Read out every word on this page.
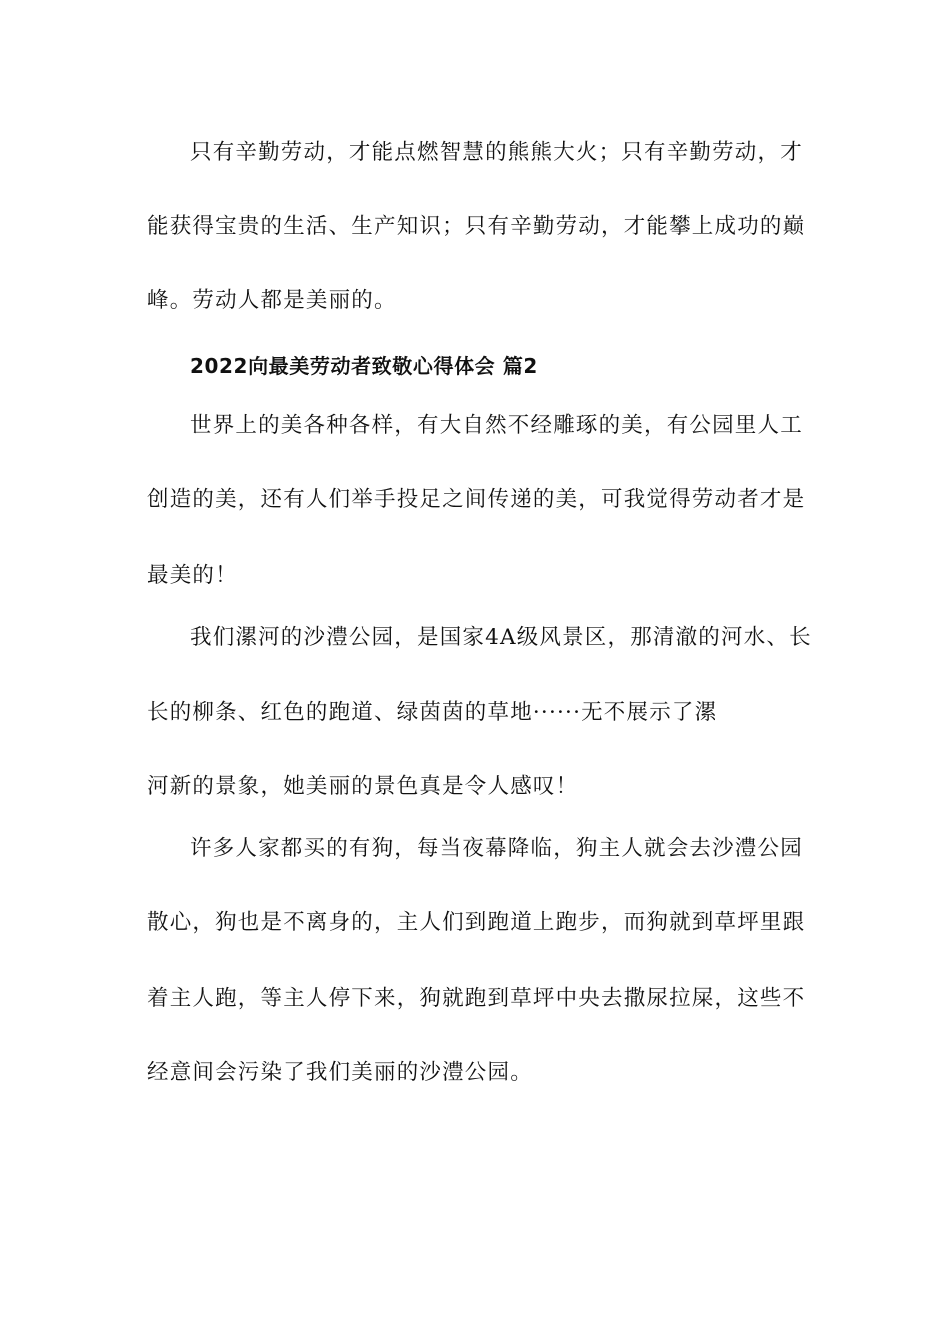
只有辛勤劳动，才能点燃智慧的熊熊大火；只有辛勤劳动，才
能获得宝贵的生活、生产知识；只有辛勤劳动，才能攀上成功的巅
峰。劳动人都是美丽的。
2022向最美劳动者致敬心得体会 篇2
世界上的美各种各样，有大自然不经雕琢的美，有公园里人工
创造的美，还有人们举手投足之间传递的美，可我觉得劳动者才是
最美的！
我们漯河的沙澧公园，是国家4A级风景区，那清澈的河水、长
长的柳条、红色的跑道、绿茵茵的草地······无不展示了漯
河新的景象，她美丽的景色真是令人感叹！
许多人家都买的有狗，每当夜幕降临，狗主人就会去沙澧公园
散心，狗也是不离身的，主人们到跑道上跑步，而狗就到草坪里跟
着主人跑，等主人停下来，狗就跑到草坪中央去撒尿拉屎，这些不
经意间会污染了我们美丽的沙澧公园。
